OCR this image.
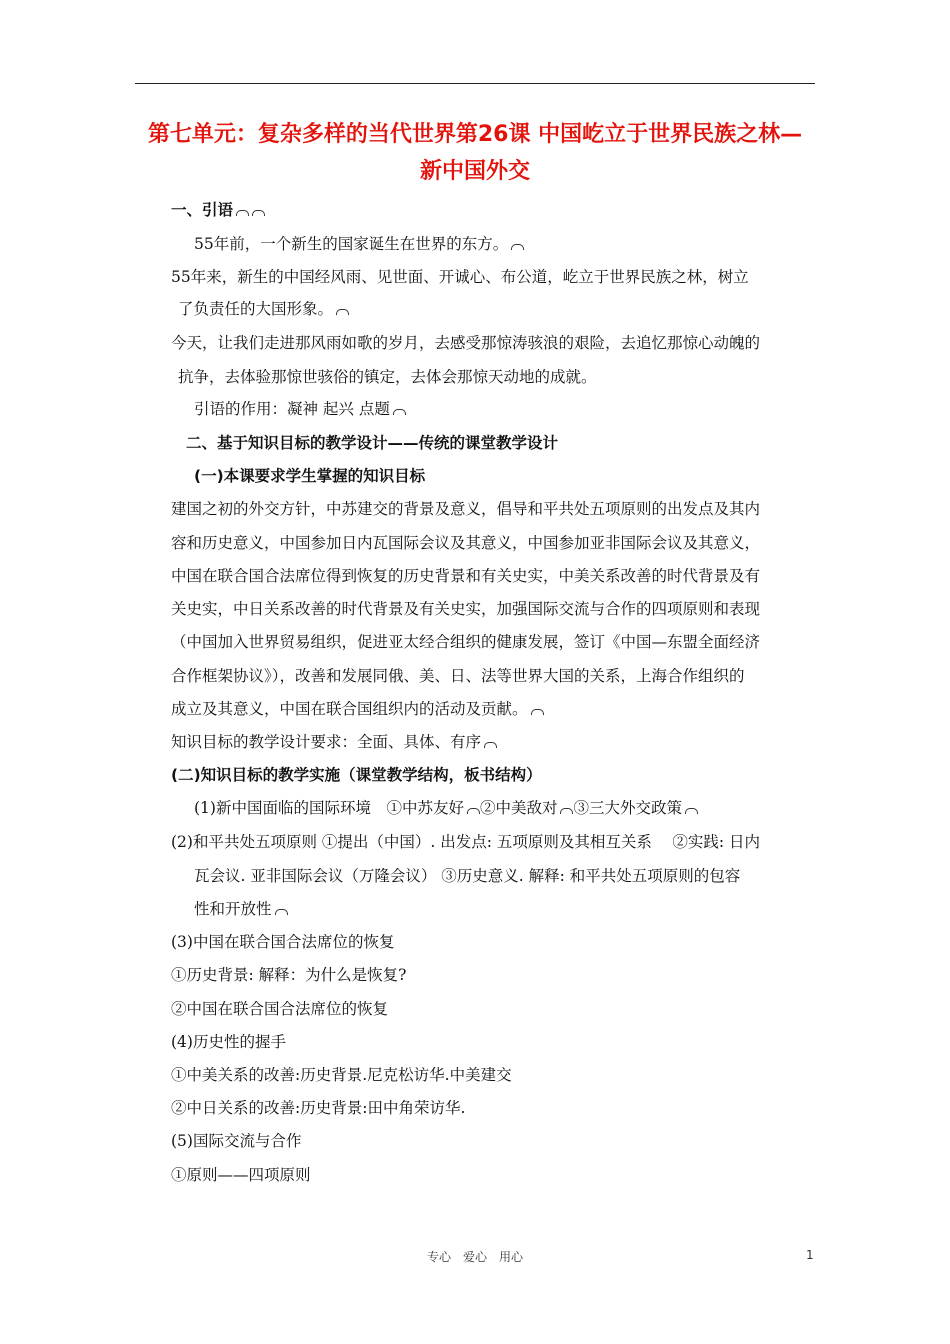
第七单元：复杂多样的当代世界第26课 中国屹立于世界民族之林—
新中国外交
一、引语
55年前，一个新生的国家诞生在世界的东方。
55年来，新生的中国经风雨、见世面、开诚心、布公道，屹立于世界民族之林，树立
了负责任的大国形象。
今天，让我们走进那风雨如歌的岁月，去感受那惊涛骇浪的艰险，去追忆那惊心动魄的
抗争，去体验那惊世骇俗的镇定，去体会那惊天动地的成就。
引语的作用：凝神 起兴 点题
二、基于知识目标的教学设计——传统的课堂教学设计
(一)本课要求学生掌握的知识目标
建国之初的外交方针，中苏建交的背景及意义，倡导和平共处五项原则的出发点及其内
容和历史意义，中国参加日内瓦国际会议及其意义，中国参加亚非国际会议及其意义，
中国在联合国合法席位得到恢复的历史背景和有关史实，中美关系改善的时代背景及有
关史实，中日关系改善的时代背景及有关史实，加强国际交流与合作的四项原则和表现
（中国加入世界贸易组织，促进亚太经合组织的健康发展，签订《中国—东盟全面经济
合作框架协议》），改善和发展同俄、美、日、法等世界大国的关系，上海合作组织的
成立及其意义，中国在联合国组织内的活动及贡献。
知识目标的教学设计要求：全面、具体、有序
(二)知识目标的教学实施（课堂教学结构，板书结构）
(1)新中国面临的国际环境　①中苏友好 ②中美敌对 ③三大外交政策
(2)和平共处五项原则 ①提出（中国）. 出发点: 五项原则及其相互关系　 ②实践: 日内
瓦会议. 亚非国际会议（万隆会议） ③历史意义. 解释: 和平共处五项原则的包容
性和开放性
(3)中国在联合国合法席位的恢复
①历史背景: 解释：为什么是恢复?
②中国在联合国合法席位的恢复
(4)历史性的握手
①中美关系的改善:历史背景.尼克松访华.中美建交
②中日关系的改善:历史背景:田中角荣访华.
(5)国际交流与合作
①原则——四项原则
专心　爱心　用心	1
